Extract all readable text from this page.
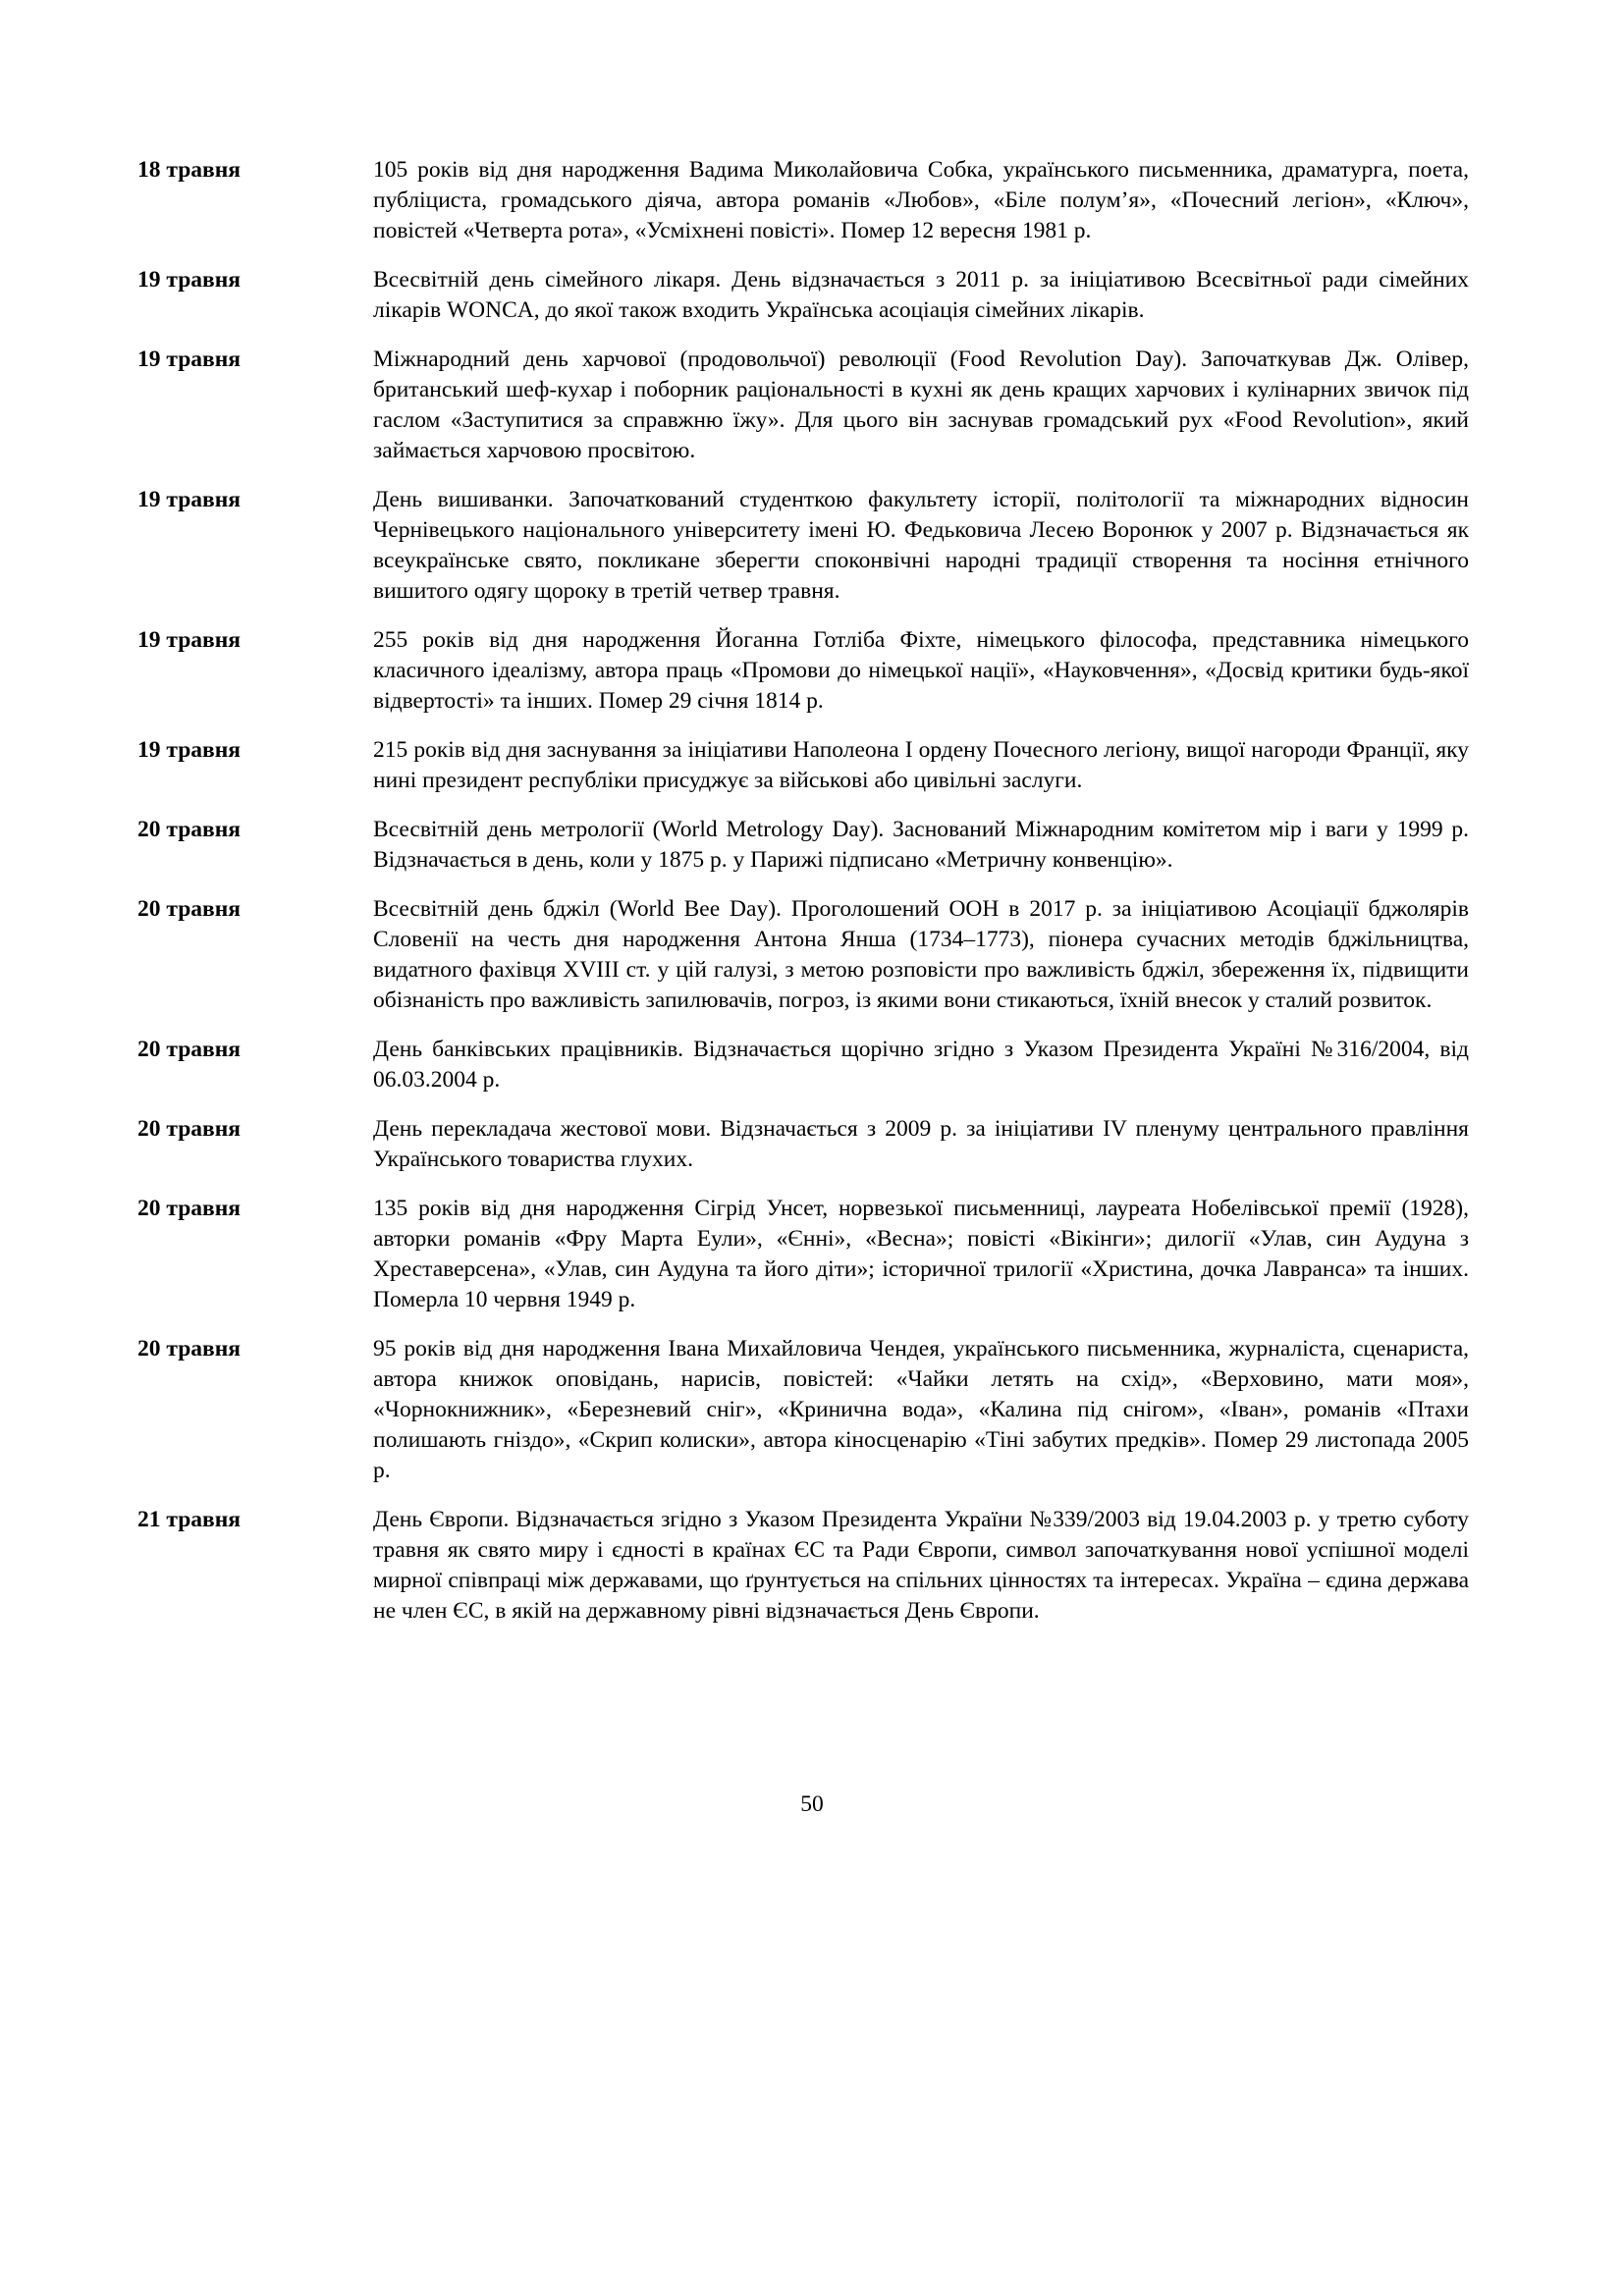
18 травня	105 років від дня народження Вадима Миколайовича Собка, українського письменника, драматурга, поета, публіциста, громадського діяча, автора романів «Любов», «Біле полум’я», «Почесний легіон», «Ключ», повістей «Четверта рота», «Усміхнені повісті». Помер 12 вересня 1981 р.
19 травня	Всесвітній день сімейного лікаря. День відзначається з 2011 р. за ініціативою Всесвітньої ради сімейних лікарів WONCA, до якої також входить Українська асоціація сімейних лікарів.
19 травня	Міжнародний день харчової (продовольчої) революції (Food Revolution Day). Започаткував Дж. Олівер, британський шеф-кухар і поборник раціональності в кухні як день кращих харчових і кулінарних звичок під гаслом «Заступитися за справжню їжу». Для цього він заснував громадський рух «Food Revolution», який займається харчовою просвітою.
19 травня	День вишиванки. Започаткований студенткою факультету історії, політології та міжнародних відносин Чернівецького національного університету імені Ю. Федьковича Лесею Воронюк у 2007 р. Відзначається як всеукраїнське свято, покликане зберегти споконвічні народні традиції створення та носіння етнічного вишитого одягу щороку в третій четвер травня.
19 травня	255 років від дня народження Йоганна Готліба Фіхте, німецького філософа, представника німецького класичного ідеалізму, автора праць «Промови до німецької нації», «Науковчення», «Досвід критики будь-якої відвертості» та інших. Помер 29 січня 1814 р.
19 травня	215 років від дня заснування за ініціативи Наполеона І ордену Почесного легіону, вищої нагороди Франції, яку нині президент республіки присуджує за військові або цивільні заслуги.
20 травня	Всесвітній день метрології (World Metrology Day). Заснований Міжнародним комітетом мір і ваги у 1999 р. Відзначається в день, коли у 1875 р. у Парижі підписано «Метричну конвенцію».
20 травня	Всесвітній день бджіл (World Bee Day). Проголошений ООН в 2017 р. за ініціативою Асоціації бджолярів Словенії на честь дня народження Антона Янша (1734–1773), піонера сучасних методів бджільництва, видатного фахівця XVIII ст. у цій галузі, з метою розповісти про важливість бджіл, збереження їх, підвищити обізнаність про важливість запилювачів, погроз, із якими вони стикаються, їхній внесок у сталий розвиток.
20 травня	День банківських працівників. Відзначається щорічно згідно з Указом Президента Україні №316/2004, від 06.03.2004 р.
20 травня	День перекладача жестової мови. Відзначається з 2009 р. за ініціативи IV пленуму центрального правління Українського товариства глухих.
20 травня	135 років від дня народження Сігрід Унсет, норвезької письменниці, лауреата Нобелівської премії (1928), авторки романів «Фру Марта Еули», «Єнні», «Весна»; повісті «Вікінги»; дилогії «Улав, син Аудуна з Хреставерсена», «Улав, син Аудуна та його діти»; історичної трилогії «Христина, дочка Лавранса» та інших. Померла 10 червня 1949 р.
20 травня	95 років від дня народження Івана Михайловича Чендея, українського письменника, журналіста, сценариста, автора книжок оповідань, нарисів, повістей: «Чайки летять на схід», «Верховино, мати моя», «Чорнокнижник», «Березневий сніг», «Кринична вода», «Калина під снігом», «Іван», романів «Птахи полишають гніздо», «Скрип колиски», автора кіносценарію «Тіні забутих предків». Помер 29 листопада 2005 р.
21 травня	День Європи. Відзначається згідно з Указом Президента України №339/2003 від 19.04.2003 р. у третю суботу травня як свято миру і єдності в країнах ЄС та Ради Європи, символ започаткування нової успішної моделі мирної співпраці між державами, що ґрунтується на спільних цінностях та інтересах. Україна – єдина держава не член ЄС, в якій на державному рівні відзначається День Європи.
50
